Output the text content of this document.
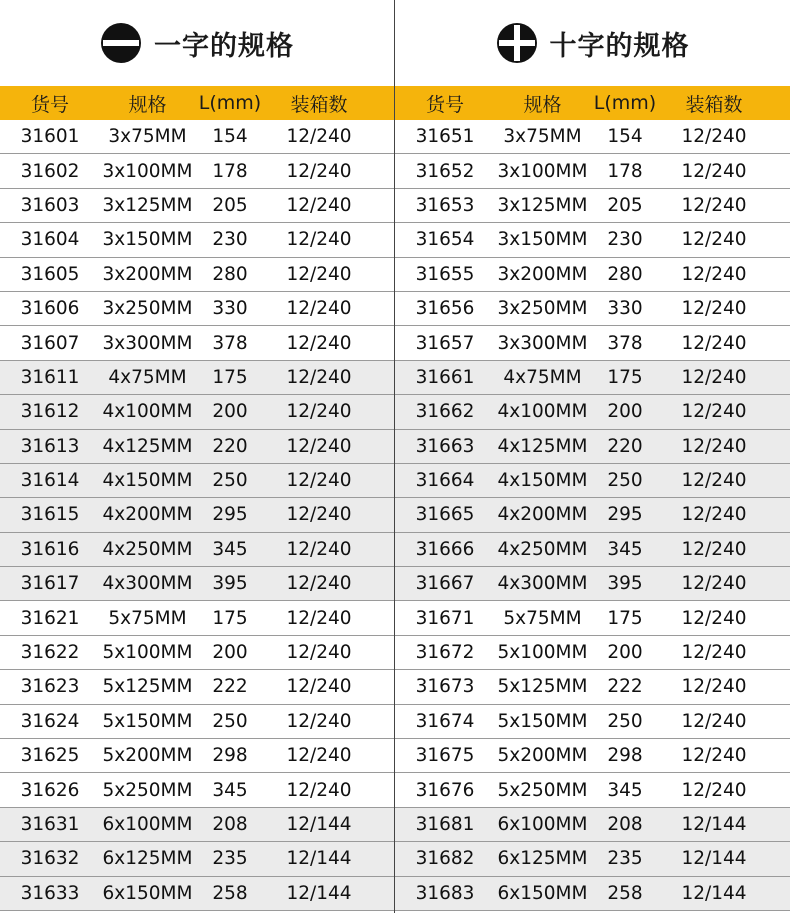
一字的规格
货号	规格	L(mm)	装箱数
31601	3x75MM	154	12/240
31602	3x100MM	178	12/240
31603	3x125MM	205	12/240
31604	3x150MM	230	12/240
31605	3x200MM	280	12/240
31606	3x250MM	330	12/240
31607	3x300MM	378	12/240
31611	4x75MM	175	12/240
31612	4x100MM	200	12/240
31613	4x125MM	220	12/240
31614	4x150MM	250	12/240
31615	4x200MM	295	12/240
31616	4x250MM	345	12/240
31617	4x300MM	395	12/240
31621	5x75MM	175	12/240
31622	5x100MM	200	12/240
31623	5x125MM	222	12/240
31624	5x150MM	250	12/240
31625	5x200MM	298	12/240
31626	5x250MM	345	12/240
31631	6x100MM	208	12/144
31632	6x125MM	235	12/144
31633	6x150MM	258	12/144
十字的规格
货号	规格	L(mm)	装箱数
31651	3x75MM	154	12/240
31652	3x100MM	178	12/240
31653	3x125MM	205	12/240
31654	3x150MM	230	12/240
31655	3x200MM	280	12/240
31656	3x250MM	330	12/240
31657	3x300MM	378	12/240
31661	4x75MM	175	12/240
31662	4x100MM	200	12/240
31663	4x125MM	220	12/240
31664	4x150MM	250	12/240
31665	4x200MM	295	12/240
31666	4x250MM	345	12/240
31667	4x300MM	395	12/240
31671	5x75MM	175	12/240
31672	5x100MM	200	12/240
31673	5x125MM	222	12/240
31674	5x150MM	250	12/240
31675	5x200MM	298	12/240
31676	5x250MM	345	12/240
31681	6x100MM	208	12/144
31682	6x125MM	235	12/144
31683	6x150MM	258	12/144
